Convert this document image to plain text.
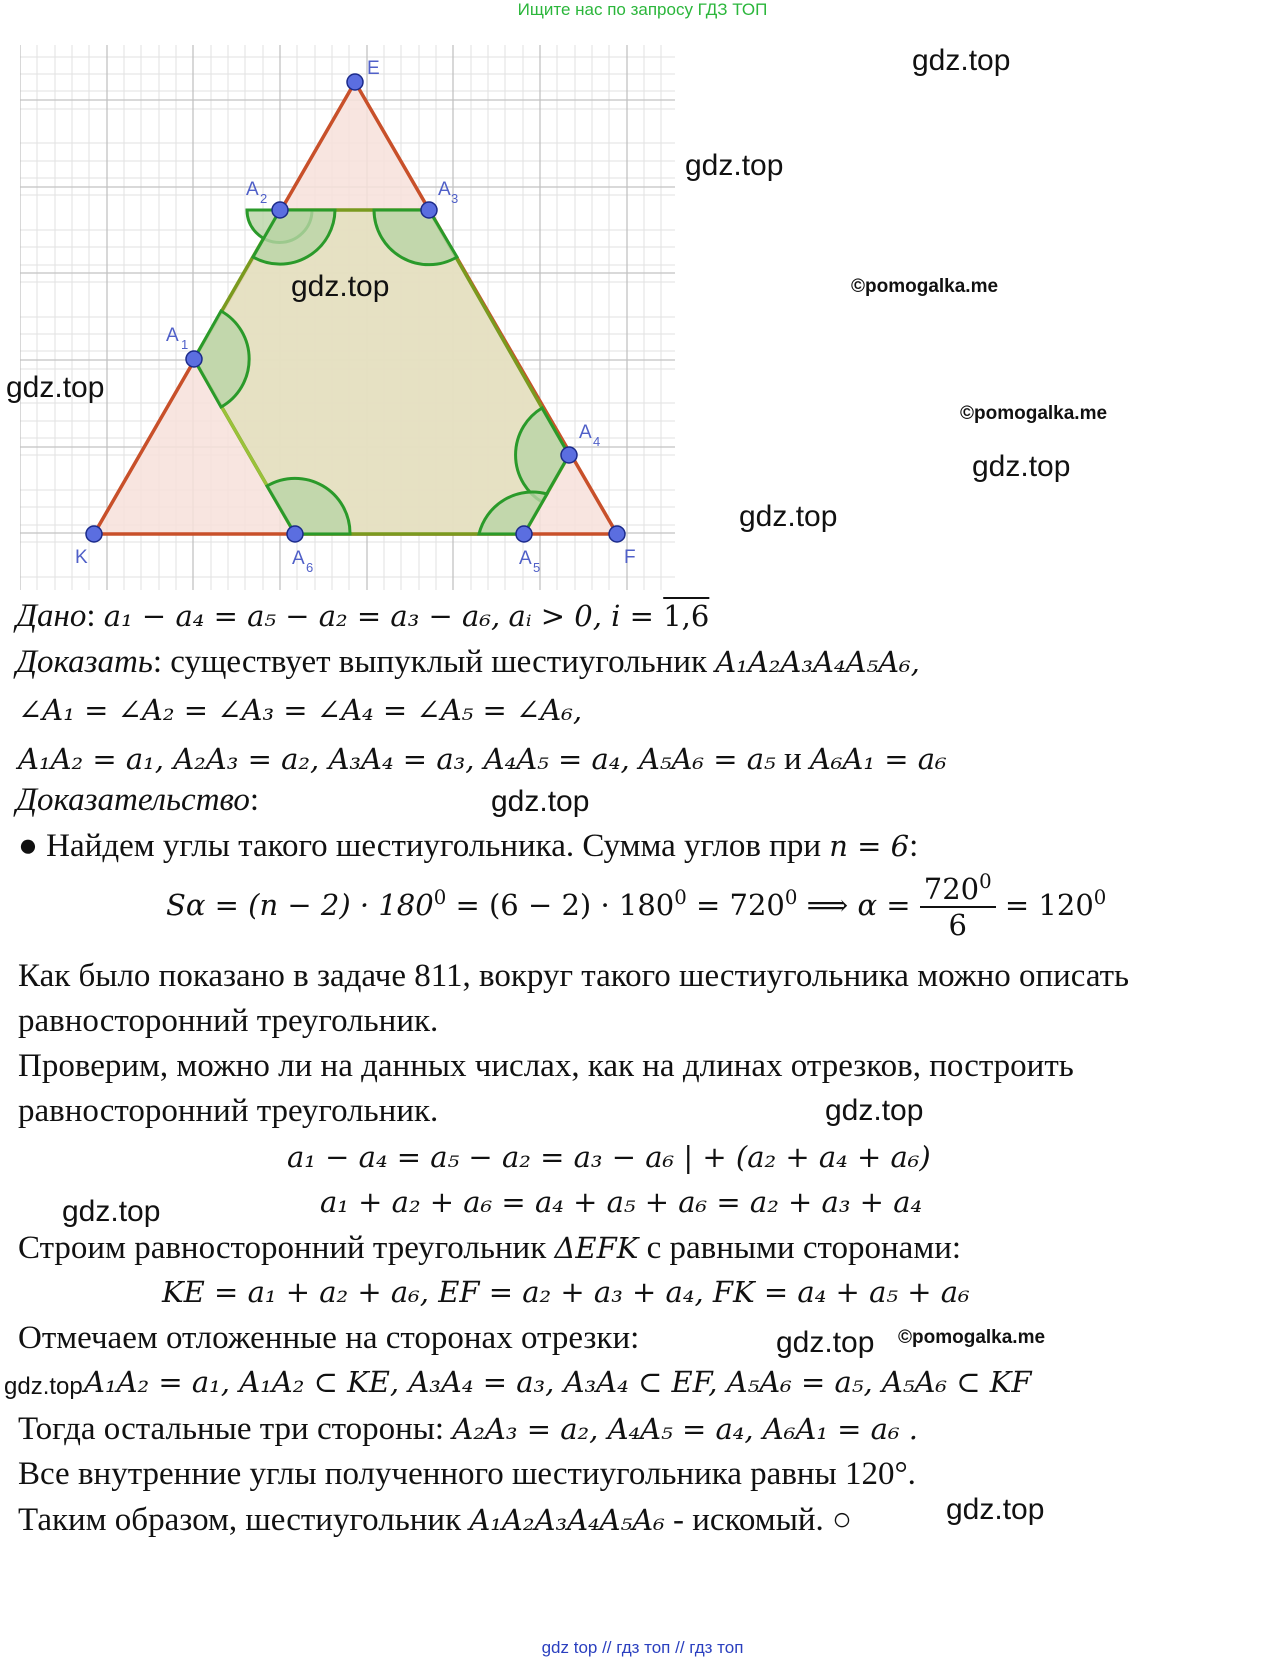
Ищите нас по запросу ГДЗ ТОП
E
K	F
A 1
A 2	A 3
A 4
A 5
A 6
gdz.top
gdz.top
gdz.top
gdz.top
gdz.top
gdz.top
gdz.top
gdz.top
gdz.top
gdz.top
gdz.top
gdz.top
©pomogalka.me
©pomogalka.me
©pomogalka.me
Дано: a₁ − a₄ = a₅ − a₂ = a₃ − a₆, aᵢ > 0, i = 1,6
Доказать: существует выпуклый шестиугольник A₁A₂A₃A₄A₅A₆,
∠A₁ = ∠A₂ = ∠A₃ = ∠A₄ = ∠A₅ = ∠A₆,
A₁A₂ = a₁, A₂A₃ = a₂, A₃A₄ = a₃, A₄A₅ = a₄, A₅A₆ = a₅ и A₆A₁ = a₆
Доказательство:
● Найдем углы такого шестиугольника. Сумма углов при n = 6:
$S\alpha = (n - 2) \cdot 180^0 = (6 - 2) \cdot 180^0 = 720^0$ ⟹ $\alpha = \frac{720^0}{6} = 120^0$
Как было показано в задаче 811, вокруг такого шестиугольника можно описать
равносторонний треугольник.
Проверим, можно ли на данных числах, как на длинах отрезков, построить
равносторонний треугольник.
a₁ − a₄ = a₅ − a₂ = a₃ − a₆ | + (a₂ + a₄ + a₆)
a₁ + a₂ + a₆ = a₄ + a₅ + a₆ = a₂ + a₃ + a₄
Строим равносторонний треугольник ΔEFK с равными сторонами:
KE = a₁ + a₂ + a₆, EF = a₂ + a₃ + a₄, FK = a₄ + a₅ + a₆
Отмечаем отложенные на сторонах отрезки:
A₁A₂ = a₁, A₁A₂ ⊂ KE, A₃A₄ = a₃, A₃A₄ ⊂ EF, A₅A₆ = a₅, A₅A₆ ⊂ KF
Тогда остальные три стороны: A₂A₃ = a₂, A₄A₅ = a₄, A₆A₁ = a₆ .
Все внутренние углы полученного шестиугольника равны 120°.
Таким образом, шестиугольник A₁A₂A₃A₄A₅A₆ - искомый. ○
gdz top // гдз топ // гдз топ
